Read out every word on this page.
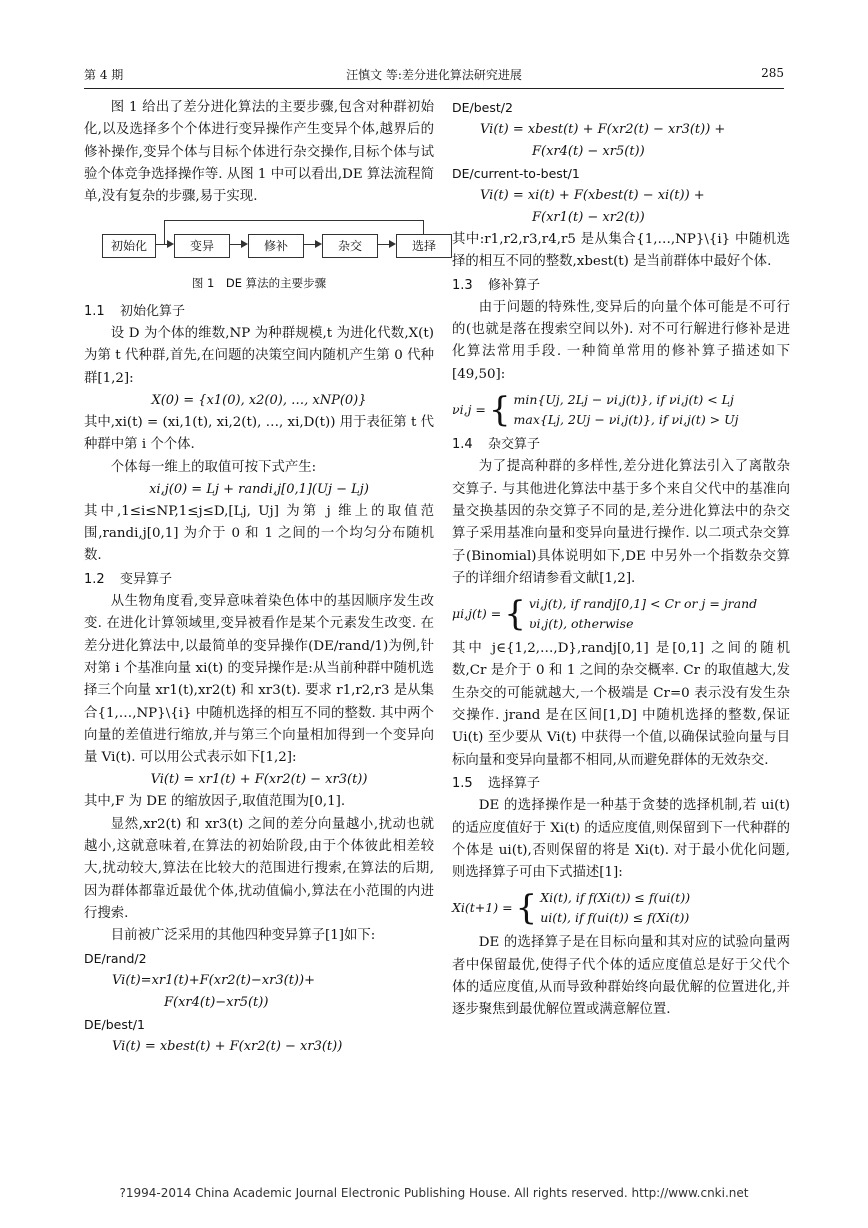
第 4 期	汪慎文 等:差分进化算法研究进展	285

图 1 给出了差分进化算法的主要步骤,包含对种群初始化,以及选择多个个体进行变异操作产生变异个体,越界后的修补操作,变异个体与目标个体进行杂交操作,目标个体与试验个体竞争选择操作等. 从图 1 中可以看出,DE 算法流程简单,没有复杂的步骤,易于实现.

初始化	变异	修补	杂交	选择
图 1　DE 算法的主要步骤
1.1 初始化算子

设 D 为个体的维数,NP 为种群规模,t 为进化代数,X(t) 为第 t 代种群,首先,在问题的决策空间内随机产生第 0 代种群[1,2]:

X(0) = {x1(0), x2(0), …, xNP(0)}

其中,xi(t) = (xi,1(t), xi,2(t), …, xi,D(t)) 用于表征第 t 代种群中第 i 个个体.

个体每一维上的取值可按下式产生:

xi,j(0) = Lj + randi,j[0,1](Uj − Lj)

其中,1≤i≤NP,1≤j≤D,[Lj, Uj] 为第 j 维上的取值范围,randi,j[0,1] 为介于 0 和 1 之间的一个均匀分布随机数.

1.2 变异算子

从生物角度看,变异意味着染色体中的基因顺序发生改变. 在进化计算领域里,变异被看作是某个元素发生改变. 在差分进化算法中,以最简单的变异操作(DE/rand/1)为例,针对第 i 个基准向量 xi(t) 的变异操作是:从当前种群中随机选择三个向量 xr1(t),xr2(t) 和 xr3(t). 要求 r1,r2,r3 是从集合{1,…,NP}\{i} 中随机选择的相互不同的整数. 其中两个向量的差值进行缩放,并与第三个向量相加得到一个变异向量 Vi(t). 可以用公式表示如下[1,2]:

Vi(t) = xr1(t) + F(xr2(t) − xr3(t))

其中,F 为 DE 的缩放因子,取值范围为[0,1].

显然,xr2(t) 和 xr3(t) 之间的差分向量越小,扰动也就越小,这就意味着,在算法的初始阶段,由于个体彼此相差较大,扰动较大,算法在比较大的范围进行搜索,在算法的后期,因为群体都靠近最优个体,扰动值偏小,算法在小范围的内进行搜索.

目前被广泛采用的其他四种变异算子[1]如下:

DE/rand/2
Vi(t)=xr1(t)+F(xr2(t)−xr3(t))+
F(xr4(t)−xr5(t))
DE/best/1
Vi(t) = xbest(t) + F(xr2(t) − xr3(t))
DE/best/2
Vi(t) = xbest(t) + F(xr2(t) − xr3(t)) +
F(xr4(t) − xr5(t))
DE/current-to-best/1
Vi(t) = xi(t) + F(xbest(t) − xi(t)) +
F(xr1(t) − xr2(t))

其中:r1,r2,r3,r4,r5 是从集合{1,…,NP}\{i} 中随机选择的相互不同的整数,xbest(t) 是当前群体中最好个体.

1.3 修补算子

由于问题的特殊性,变异后的向量个体可能是不可行的(也就是落在搜索空间以外). 对不可行解进行修补是进化算法常用手段. 一种简单常用的修补算子描述如下[49,50]:

νi,j = { min{Uj, 2Lj − νi,j(t)}, if νi,j(t) < Lj
max{Lj, 2Uj − νi,j(t)}, if νi,j(t) > Uj
1.4 杂交算子

为了提高种群的多样性,差分进化算法引入了离散杂交算子. 与其他进化算法中基于多个来自父代中的基准向量交换基因的杂交算子不同的是,差分进化算法中的杂交算子采用基准向量和变异向量进行操作. 以二项式杂交算子(Binomial)具体说明如下,DE 中另外一个指数杂交算子的详细介绍请参看文献[1,2].

μi,j(t) = { vi,j(t), if randj[0,1] < Cr or j = jrand
υi,j(t), otherwise

其中 j∈{1,2,…,D},randj[0,1] 是[0,1] 之间的随机数,Cr 是介于 0 和 1 之间的杂交概率. Cr 的取值越大,发生杂交的可能就越大,一个极端是 Cr=0 表示没有发生杂交操作. jrand 是在区间[1,D] 中随机选择的整数,保证 Ui(t) 至少要从 Vi(t) 中获得一个值,以确保试验向量与目标向量和变异向量都不相同,从而避免群体的无效杂交.

1.5 选择算子

DE 的选择操作是一种基于贪婪的选择机制,若 ui(t) 的适应度值好于 Xi(t) 的适应度值,则保留到下一代种群的个体是 ui(t),否则保留的将是 Xi(t). 对于最小优化问题,则选择算子可由下式描述[1]:

Xi(t+1) = { Xi(t), if f(Xi(t)) ≤ f(ui(t))
ui(t), if f(ui(t)) ≤ f(Xi(t))

DE 的选择算子是在目标向量和其对应的试验向量两者中保留最优,使得子代个体的适应度值总是好于父代个体的适应度值,从而导致种群始终向最优解的位置进化,并逐步聚焦到最优解位置或满意解位置.

?1994-2014 China Academic Journal Electronic Publishing House. All rights reserved. http://www.cnki.net
